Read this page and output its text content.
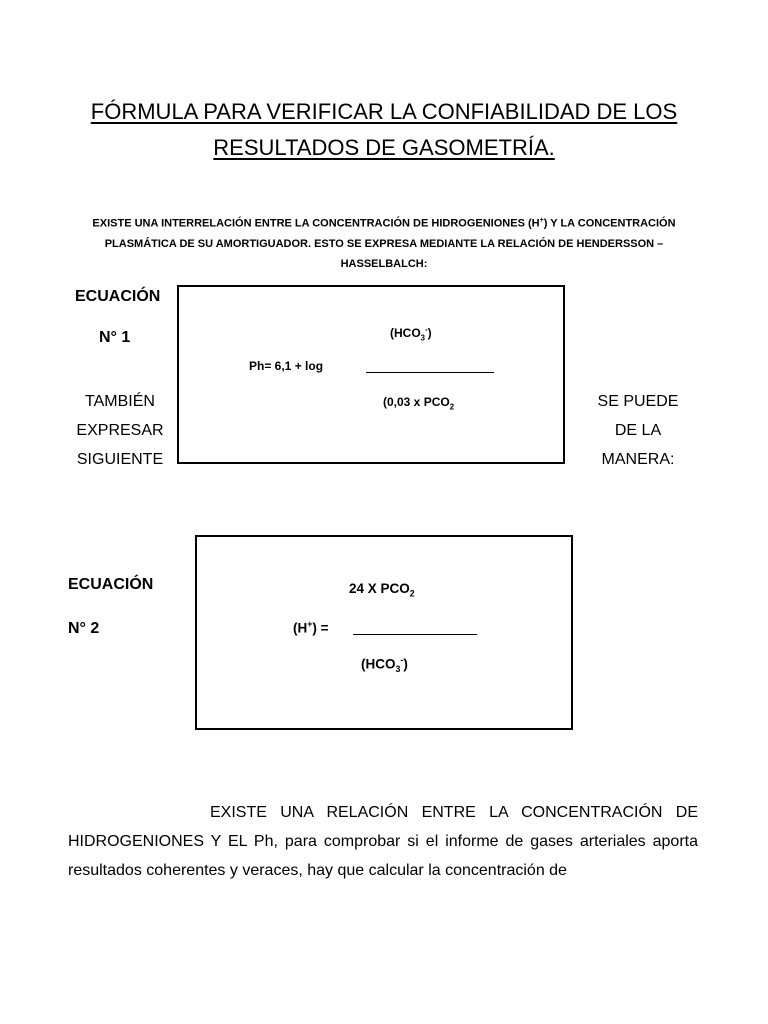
FÓRMULA PARA VERIFICAR LA CONFIABILIDAD DE LOS
RESULTADOS DE GASOMETRÍA.
EXISTE UNA INTERRELACIÓN ENTRE LA CONCENTRACIÓN DE HIDROGENIONES (H+) Y LA CONCENTRACIÓN PLASMÁTICA DE SU AMORTIGUADOR. ESTO SE EXPRESA MEDIANTE LA RELACIÓN DE HENDERSSON – HASSELBALCH:
ECUACIÓN
N° 1
TAMBIÉN
EXPRESAR
SIGUIENTE
SE PUEDE
DE LA
MANERA:
$(HCO_3^-)$
Ph= 6,1 + log
(0,03 x $PCO_2$
ECUACIÓN
N° 2
24 X $PCO_2$
(H+) =
$(HCO_3^-)$

EXISTE UNA RELACIÓN ENTRE LA CONCENTRACIÓN DE

HIDROGENIONES Y EL Ph, para comprobar si el informe de gases arteriales aporta resultados coherentes y veraces, hay que calcular la concentración de
